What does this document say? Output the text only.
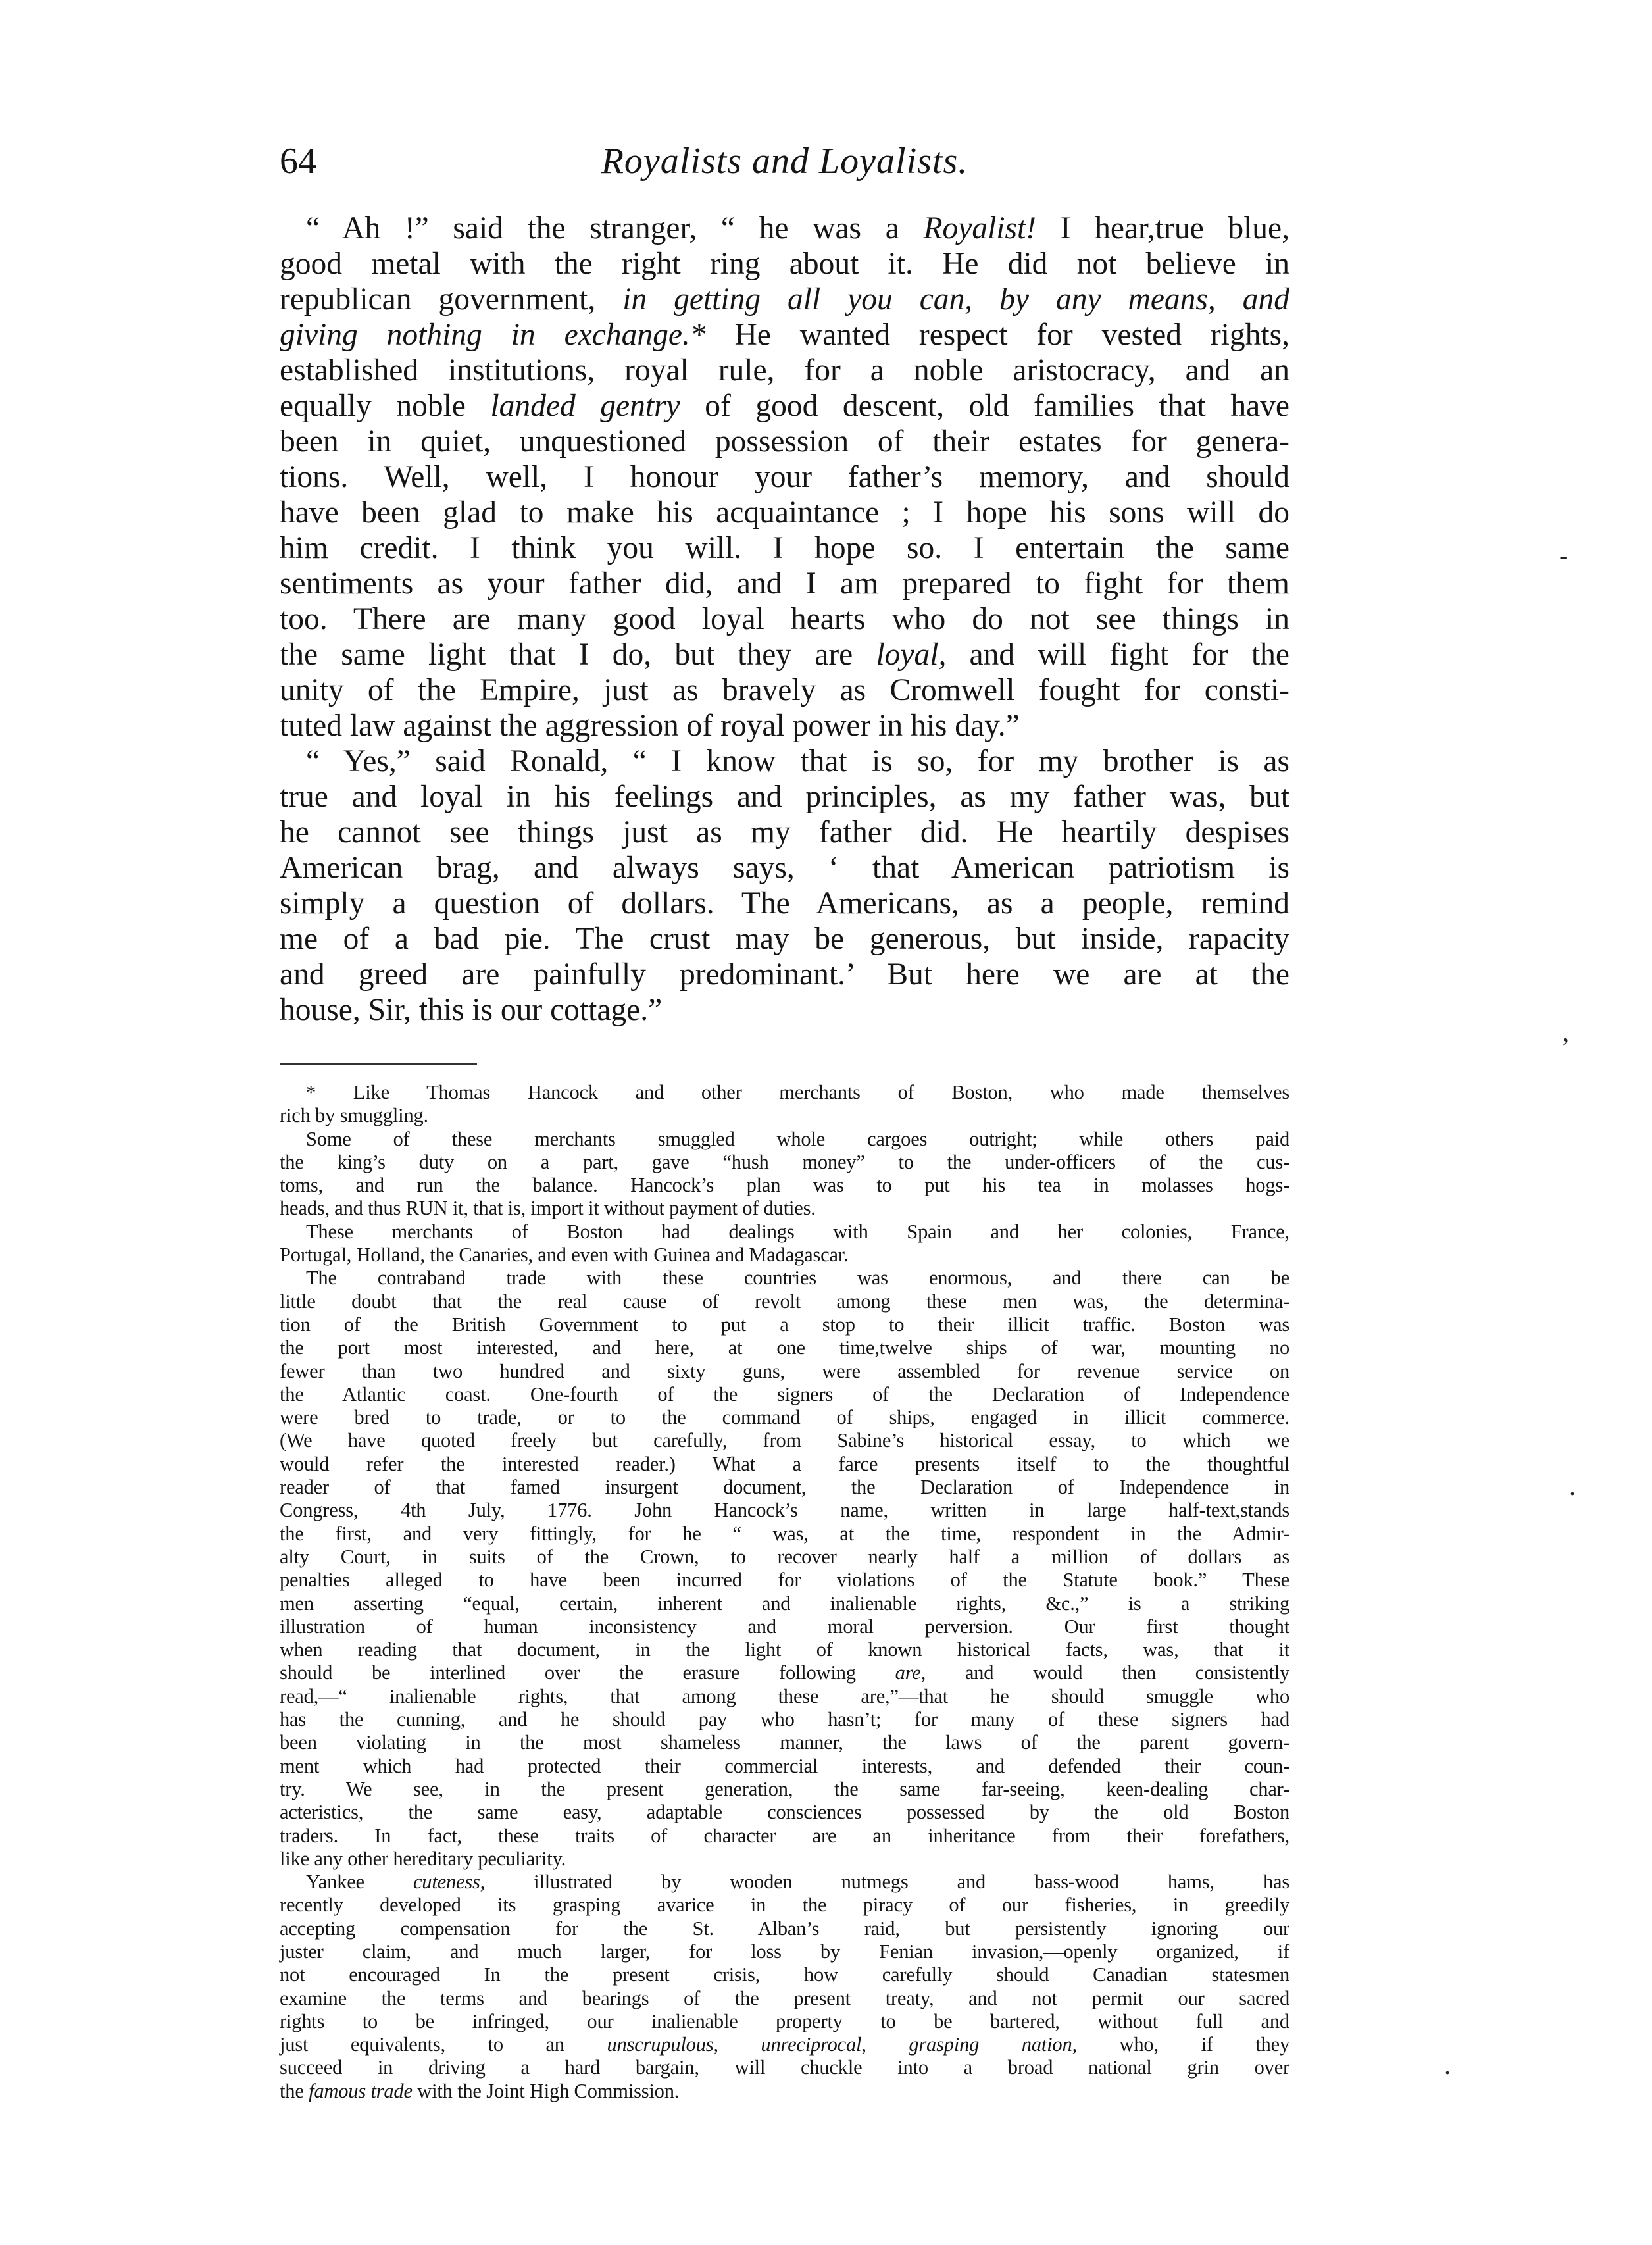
64	Royalists and Loyalists.
“ Ah !” said the stranger, “ he was a Royalist! I hear,true blue,
good metal with the right ring about it. He did not believe in
republican government, in getting all you can, by any means, and
giving nothing in exchange.* He wanted respect for vested rights,
established institutions, royal rule, for a noble aristocracy, and an
equally noble landed gentry of good descent, old families that have
been in quiet, unquestioned possession of their estates for genera-
tions. Well, well, I honour your father’s memory, and should
have been glad to make his acquaintance ; I hope his sons will do
him credit. I think you will. I hope so. I entertain the same
sentiments as your father did, and I am prepared to fight for them
too. There are many good loyal hearts who do not see things in
the same light that I do, but they are loyal, and will fight for the
unity of the Empire, just as bravely as Cromwell fought for consti-
tuted law against the aggression of royal power in his day.”
“ Yes,” said Ronald, “ I know that is so, for my brother is as
true and loyal in his feelings and principles, as my father was, but
he cannot see things just as my father did. He heartily despises
American brag, and always says, ‘ that American patriotism is
simply a question of dollars. The Americans, as a people, remind
me of a bad pie. The crust may be generous, but inside, rapacity
and greed are painfully predominant.’ But here we are at the
house, Sir, this is our cottage.”
* Like Thomas Hancock and other merchants of Boston, who made themselves
rich by smuggling.
Some of these merchants smuggled whole cargoes outright; while others paid
the king’s duty on a part, gave “hush money” to the under-officers of the cus-
toms, and run the balance. Hancock’s plan was to put his tea in molasses hogs-
heads, and thus RUN it, that is, import it without payment of duties.
These merchants of Boston had dealings with Spain and her colonies, France,
Portugal, Holland, the Canaries, and even with Guinea and Madagascar.
The contraband trade with these countries was enormous, and there can be
little doubt that the real cause of revolt among these men was, the determina-
tion of the British Government to put a stop to their illicit traffic. Boston was
the port most interested, and here, at one time,twelve ships of war, mounting no
fewer than two hundred and sixty guns, were assembled for revenue service on
the Atlantic coast. One-fourth of the signers of the Declaration of Independence
were bred to trade, or to the command of ships, engaged in illicit commerce.
(We have quoted freely but carefully, from Sabine’s historical essay, to which we
would refer the interested reader.) What a farce presents itself to the thoughtful
reader of that famed insurgent document, the Declaration of Independence in
Congress, 4th July, 1776. John Hancock’s name, written in large half-text,stands
the first, and very fittingly, for he “ was, at the time, respondent in the Admir-
alty Court, in suits of the Crown, to recover nearly half a million of dollars as
penalties alleged to have been incurred for violations of the Statute book.” These
men asserting “equal, certain, inherent and inalienable rights, &c.,” is a striking
illustration of human inconsistency and moral perversion. Our first thought
when reading that document, in the light of known historical facts, was, that it
should be interlined over the erasure following are, and would then consistently
read,—“ inalienable rights, that among these are,”—that he should smuggle who
has the cunning, and he should pay who hasn’t; for many of these signers had
been violating in the most shameless manner, the laws of the parent govern-
ment which had protected their commercial interests, and defended their coun-
try. We see, in the present generation, the same far-seeing, keen-dealing char-
acteristics, the same easy, adaptable consciences possessed by the old Boston
traders. In fact, these traits of character are an inheritance from their forefathers,
like any other hereditary peculiarity.
Yankee cuteness, illustrated by wooden nutmegs and bass-wood hams, has
recently developed its grasping avarice in the piracy of our fisheries, in greedily
accepting compensation for the St. Alban’s raid, but persistently ignoring our
juster claim, and much larger, for loss by Fenian invasion,—openly organized, if
not encouraged In the present crisis, how carefully should Canadian statesmen
examine the terms and bearings of the present treaty, and not permit our sacred
rights to be infringed, our inalienable property to be bartered, without full and
just equivalents, to an unscrupulous, unreciprocal, grasping nation, who, if they
succeed in driving a hard bargain, will chuckle into a broad national grin over
the famous trade with the Joint High Commission.
-
,
.
.
